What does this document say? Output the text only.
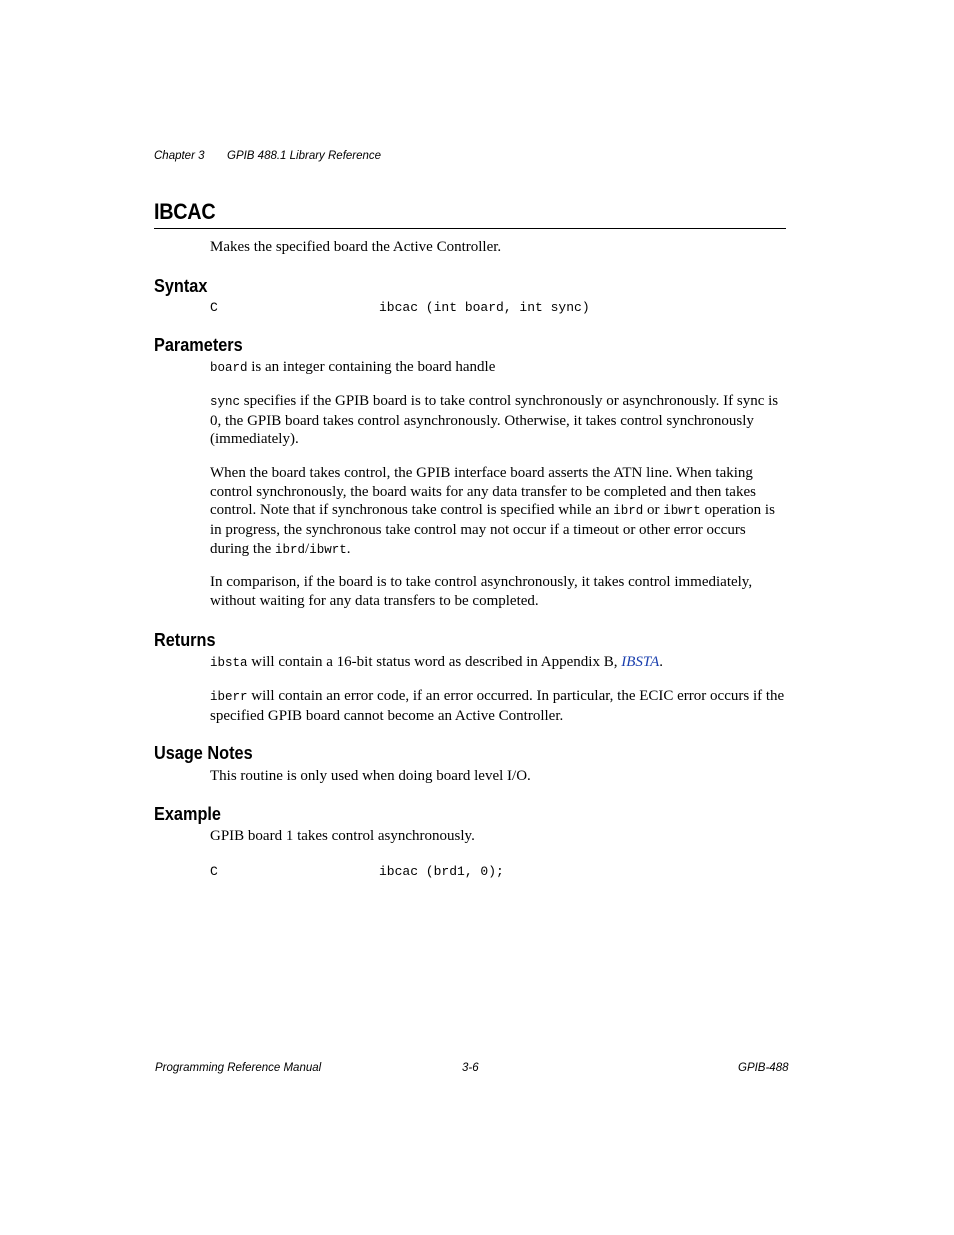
Chapter 3 GPIB 488.1 Library Reference
IBCAC
Makes the specified board the Active Controller.
Syntax
C	ibcac (int board, int sync)
Parameters
board is an integer containing the board handle
sync specifies if the GPIB board is to take control synchronously or asynchronously. If sync is 0, the GPIB board takes control asynchronously. Otherwise, it takes control synchronously (immediately).
When the board takes control, the GPIB interface board asserts the ATN line. When taking control synchronously, the board waits for any data transfer to be completed and then takes control. Note that if synchronous take control is specified while an ibrd or ibwrt operation is in progress, the synchronous take control may not occur if a timeout or other error occurs during the ibrd/ibwrt.
In comparison, if the board is to take control asynchronously, it takes control immediately, without waiting for any data transfers to be completed.
Returns
ibsta will contain a 16-bit status word as described in Appendix B, IBSTA.
iberr will contain an error code, if an error occurred. In particular, the ECIC error occurs if the specified GPIB board cannot become an Active Controller.
Usage Notes
This routine is only used when doing board level I/O.
Example
GPIB board 1 takes control asynchronously.
C	ibcac (brd1, 0);
Programming Reference Manual	3-6	GPIB-488
